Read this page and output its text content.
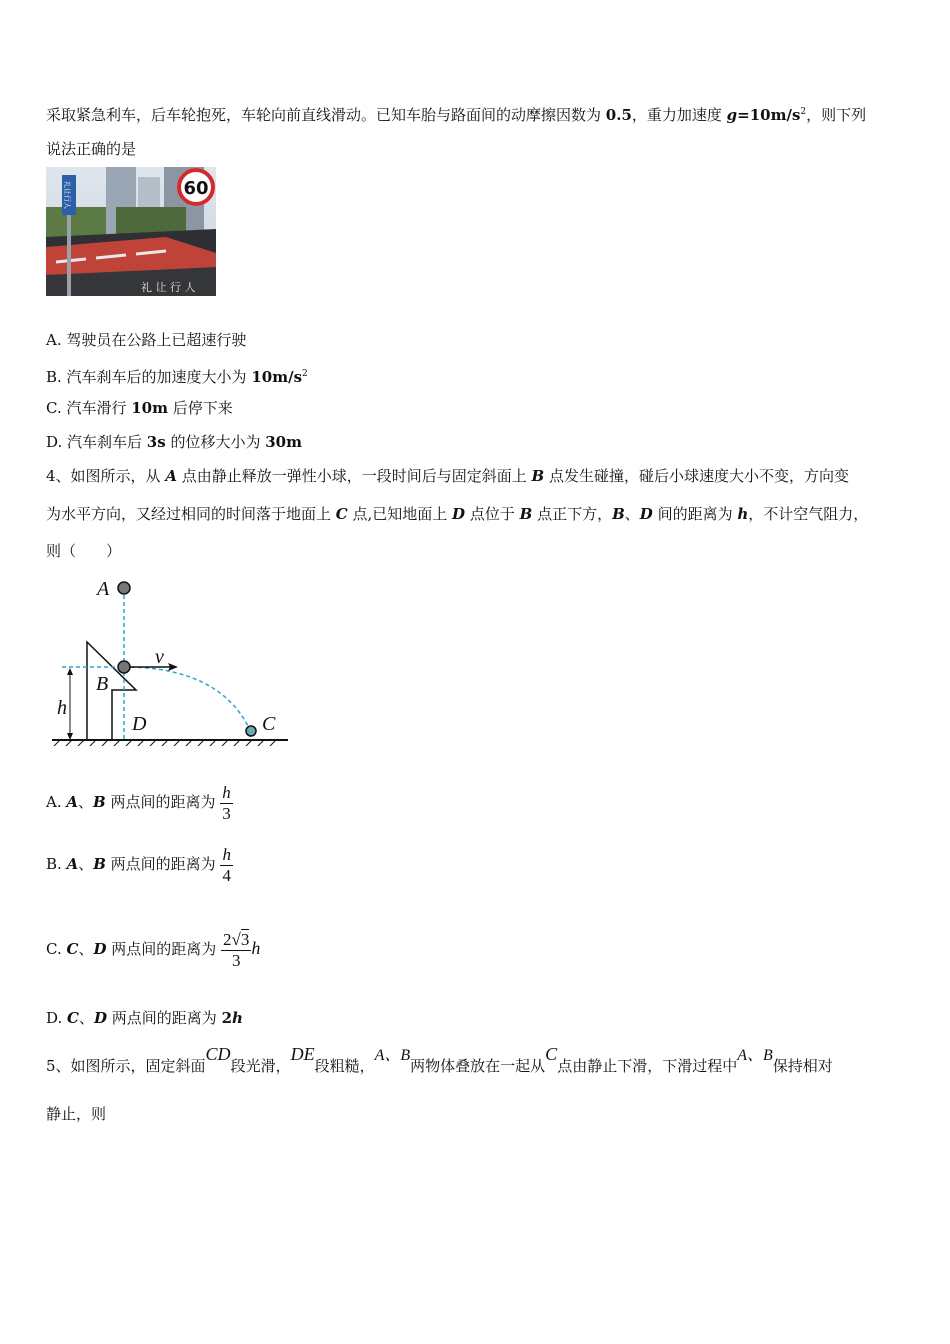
采取紧急利车，后车轮抱死，车轮向前直线滑动。已知车胎与路面间的动摩擦因数为 0.5，重力加速度 $g=10m/s^2$，则下列
说法正确的是
礼让行人
礼 让 行 人
60
A. 驾驶员在公路上已超速行驶
B. 汽车刹车后的加速度大小为 $10m/s^2$
C. 汽车滑行 10m 后停下来
D. 汽车刹车后 3s 的位移大小为 30m
4、如图所示，从 A 点由静止释放一弹性小球，一段时间后与固定斜面上 B 点发生碰撞，碰后小球速度大小不变，方向变
为水平方向，又经过相同的时间落于地面上 C 点,已知地面上 D 点位于 B 点正下方，B、D 间的距离为 h，不计空气阻力，
则（　　）
A
B
C
D
h
v
A. A、B 两点间的距离为 $\frac{h}{3}$
B. A、B 两点间的距离为 $\frac{h}{4}$
C. C、D 两点间的距离为 $\frac{2√3}{3}$ h
D. C、D 两点间的距离为 2h
5、如图所示，固定斜面CD段光滑，DE段粗糙，A、B两物体叠放在一起从C点由静止下滑，下滑过程中A、B保持相对
静止，则
